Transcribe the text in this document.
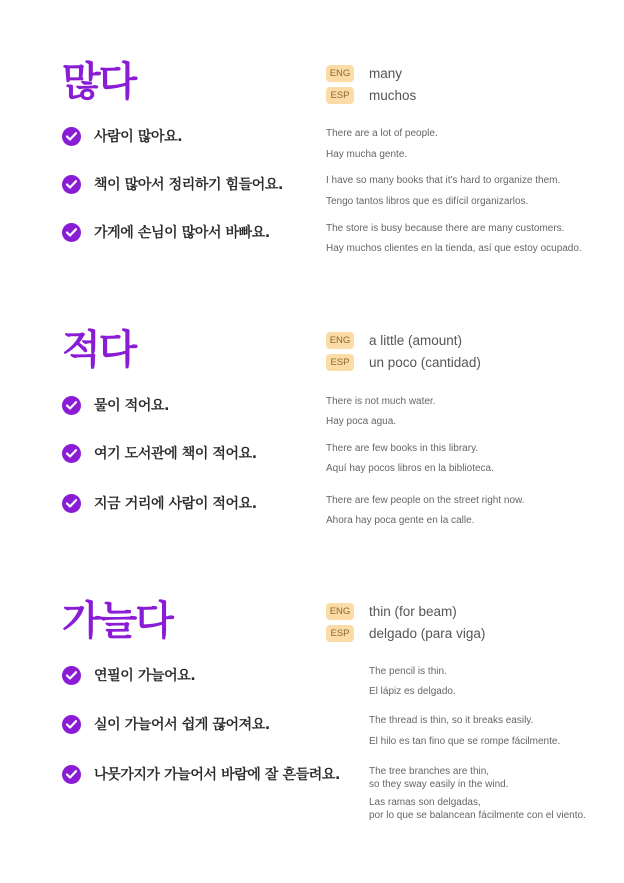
많다	ENG many
ESP	muchos
사람이 많아요.	There are a lot of people.
Hay mucha gente.
책이 많아서 정리하기 힘들어요.	I have so many books that it's hard to organize them.
Tengo tantos libros que es difícil organizarlos.
가게에 손님이 많아서 바빠요.	The store is busy because there are many customers.
Hay muchos clientes en la tienda, así que estoy ocupado.
적다	ENG a little (amount)
ESP	un poco (cantidad)
물이 적어요.	There is not much water.
Hay poca agua.
여기 도서관에 책이 적어요.	There are few books in this library.
Aquí hay pocos libros en la biblioteca.
지금 거리에 사람이 적어요.	There are few people on the street right now.
Ahora hay poca gente en la calle.
가늘다	ENG thin (for beam)
ESP	delgado (para viga)
연필이 가늘어요.	The pencil is thin.
El lápiz es delgado.
실이 가늘어서 쉽게 끊어져요.	The thread is thin, so it breaks easily.
El hilo es tan fino que se rompe fácilmente.
나뭇가지가 가늘어서 바람에 잘 흔들려요.	The tree branches are thin,
so they sway easily in the wind.
Las ramas son delgadas,
por lo que se balancean fácilmente con el viento.
